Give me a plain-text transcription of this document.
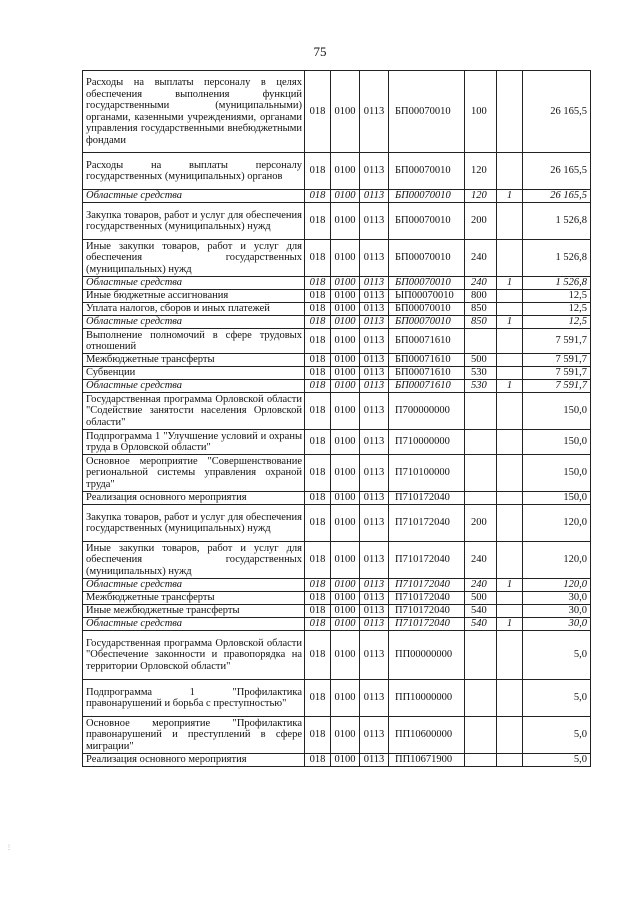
75
Расходы на выплаты персоналу в целях обеспечения выполнения функций государственными (муниципальными) органами, казенными учреждениями, органами управления государственными внебюджетными фондами	018	0100	0113	БП00070010	100		26 165,5
Расходы на выплаты персоналу государственных (муниципальных) органов	018	0100	0113	БП00070010	120		26 165,5
Областные средства	018	0100	0113	БП00070010	120	1	26 165,5
Закупка товаров, работ и услуг для обеспечения государственных (муниципальных) нужд	018	0100	0113	БП00070010	200		1 526,8
Иные закупки товаров, работ и услуг для обеспечения государственных (муниципальных) нужд	018	0100	0113	БП00070010	240		1 526,8
Областные средства	018	0100	0113	БП00070010	240	1	1 526,8
Иные бюджетные ассигнования	018	0100	0113	ЫП00070010	800		12,5
Уплата налогов, сборов и иных платежей	018	0100	0113	БП00070010	850		12,5
Областные средства	018	0100	0113	БП00070010	850	1	12,5
Выполнение полномочий в сфере трудовых отношений	018	0100	0113	БП00071610			7 591,7
Межбюджетные трансферты	018	0100	0113	БП00071610	500		7 591,7
Субвенции	018	0100	0113	БП00071610	530		7 591,7
Областные средства	018	0100	0113	БП00071610	530	1	7 591,7
Государственная программа Орловской области "Содействие занятости населения Орловской области"	018	0100	0113	П700000000			150,0
Подпрограмма 1 "Улучшение условий и охраны труда в Орловской области"	018	0100	0113	П710000000			150,0
Основное мероприятие "Совершенствование региональной системы управления охраной труда"	018	0100	0113	П710100000			150,0
Реализация основного мероприятия	018	0100	0113	П710172040			150,0
Закупка товаров, работ и услуг для обеспечения государственных (муниципальных) нужд	018	0100	0113	П710172040	200		120,0
Иные закупки товаров, работ и услуг для обеспечения государственных (муниципальных) нужд	018	0100	0113	П710172040	240		120,0
Областные средства	018	0100	0113	П710172040	240	1	120,0
Межбюджетные трансферты	018	0100	0113	П710172040	500		30,0
Иные межбюджетные трансферты	018	0100	0113	П710172040	540		30,0
Областные средства	018	0100	0113	П710172040	540	1	30,0
Государственная программа Орловской области "Обеспечение законности и правопорядка на территории Орловской области"	018	0100	0113	ПП00000000			5,0
Подпрограмма 1 "Профилактика правонарушений и борьба с преступностью"	018	0100	0113	ПП10000000			5,0
Основное мероприятие "Профилактика правонарушений и преступлений в сфере миграции"	018	0100	0113	ПП10600000			5,0
Реализация основного мероприятия	018	0100	0113	ПП10671900			5,0
⋮
